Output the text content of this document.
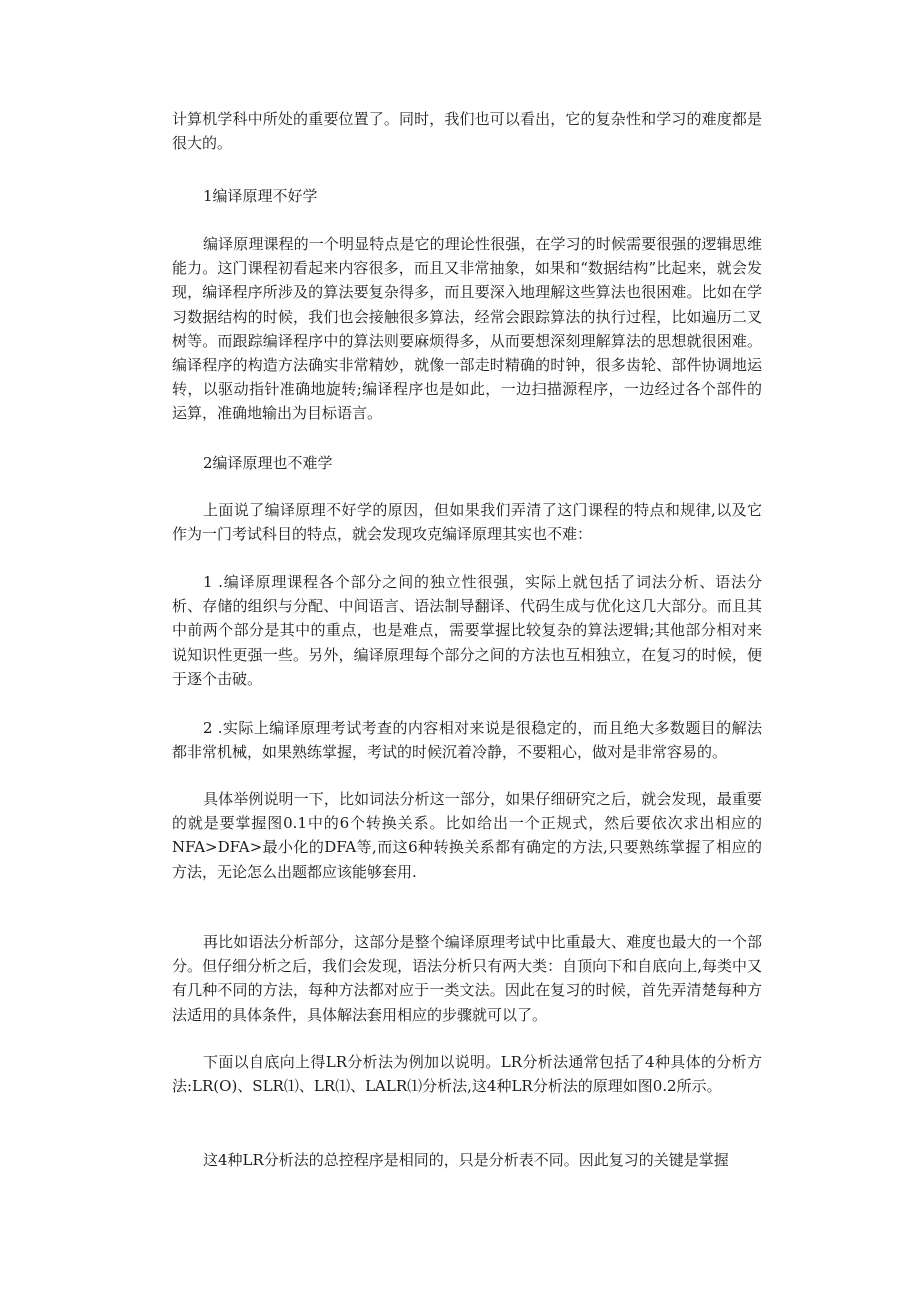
计算机学科中所处的重要位置了。同时，我们也可以看出，它的复杂性和学习的难度都是很大的。

1编译原理不好学

编译原理课程的一个明显特点是它的理论性很强，在学习的时候需要很强的逻辑思维能力。这门课程初看起来内容很多，而且又非常抽象，如果和“数据结构”比起来，就会发现，编译程序所涉及的算法要复杂得多，而且要深入地理解这些算法也很困难。比如在学习数据结构的时候，我们也会接触很多算法，经常会跟踪算法的执行过程，比如遍历二叉树等。而跟踪编译程序中的算法则要麻烦得多，从而要想深刻理解算法的思想就很困难。编译程序的构造方法确实非常精妙，就像一部走时精确的时钟，很多齿轮、部件协调地运转，以驱动指针准确地旋转;编译程序也是如此，一边扫描源程序，一边经过各个部件的运算，准确地输出为目标语言。

2编译原理也不难学

上面说了编译原理不好学的原因，但如果我们弄清了这门课程的特点和规律,以及它作为一门考试科目的特点，就会发现攻克编译原理其实也不难：

1 .编译原理课程各个部分之间的独立性很强，实际上就包括了词法分析、语法分析、存储的组织与分配、中间语言、语法制导翻译、代码生成与优化这几大部分。而且其中前两个部分是其中的重点，也是难点，需要掌握比较复杂的算法逻辑;其他部分相对来说知识性更强一些。另外，编译原理每个部分之间的方法也互相独立，在复习的时候，便于逐个击破。

2 .实际上编译原理考试考查的内容相对来说是很稳定的，而且绝大多数题目的解法都非常机械，如果熟练掌握，考试的时候沉着冷静，不要粗心，做对是非常容易的。

具体举例说明一下，比如词法分析这一部分，如果仔细研究之后，就会发现，最重要的就是要掌握图0.1中的6个转换关系。比如给出一个正规式，然后要依次求出相应的NFA>DFA>最小化的DFA等,而这6种转换关系都有确定的方法,只要熟练掌握了相应的方法，无论怎么出题都应该能够套用.

再比如语法分析部分，这部分是整个编译原理考试中比重最大、难度也最大的一个部分。但仔细分析之后，我们会发现，语法分析只有两大类：自顶向下和自底向上,每类中又有几种不同的方法，每种方法都对应于一类文法。因此在复习的时候，首先弄清楚每种方法适用的具体条件，具体解法套用相应的步骤就可以了。

下面以自底向上得LR分析法为例加以说明。LR分析法通常包括了4种具体的分析方法:LR(O)、SLR⑴、LR⑴、LALR⑴分析法,这4种LR分析法的原理如图0.2所示。

这4种LR分析法的总控程序是相同的，只是分析表不同。因此复习的关键是掌握
